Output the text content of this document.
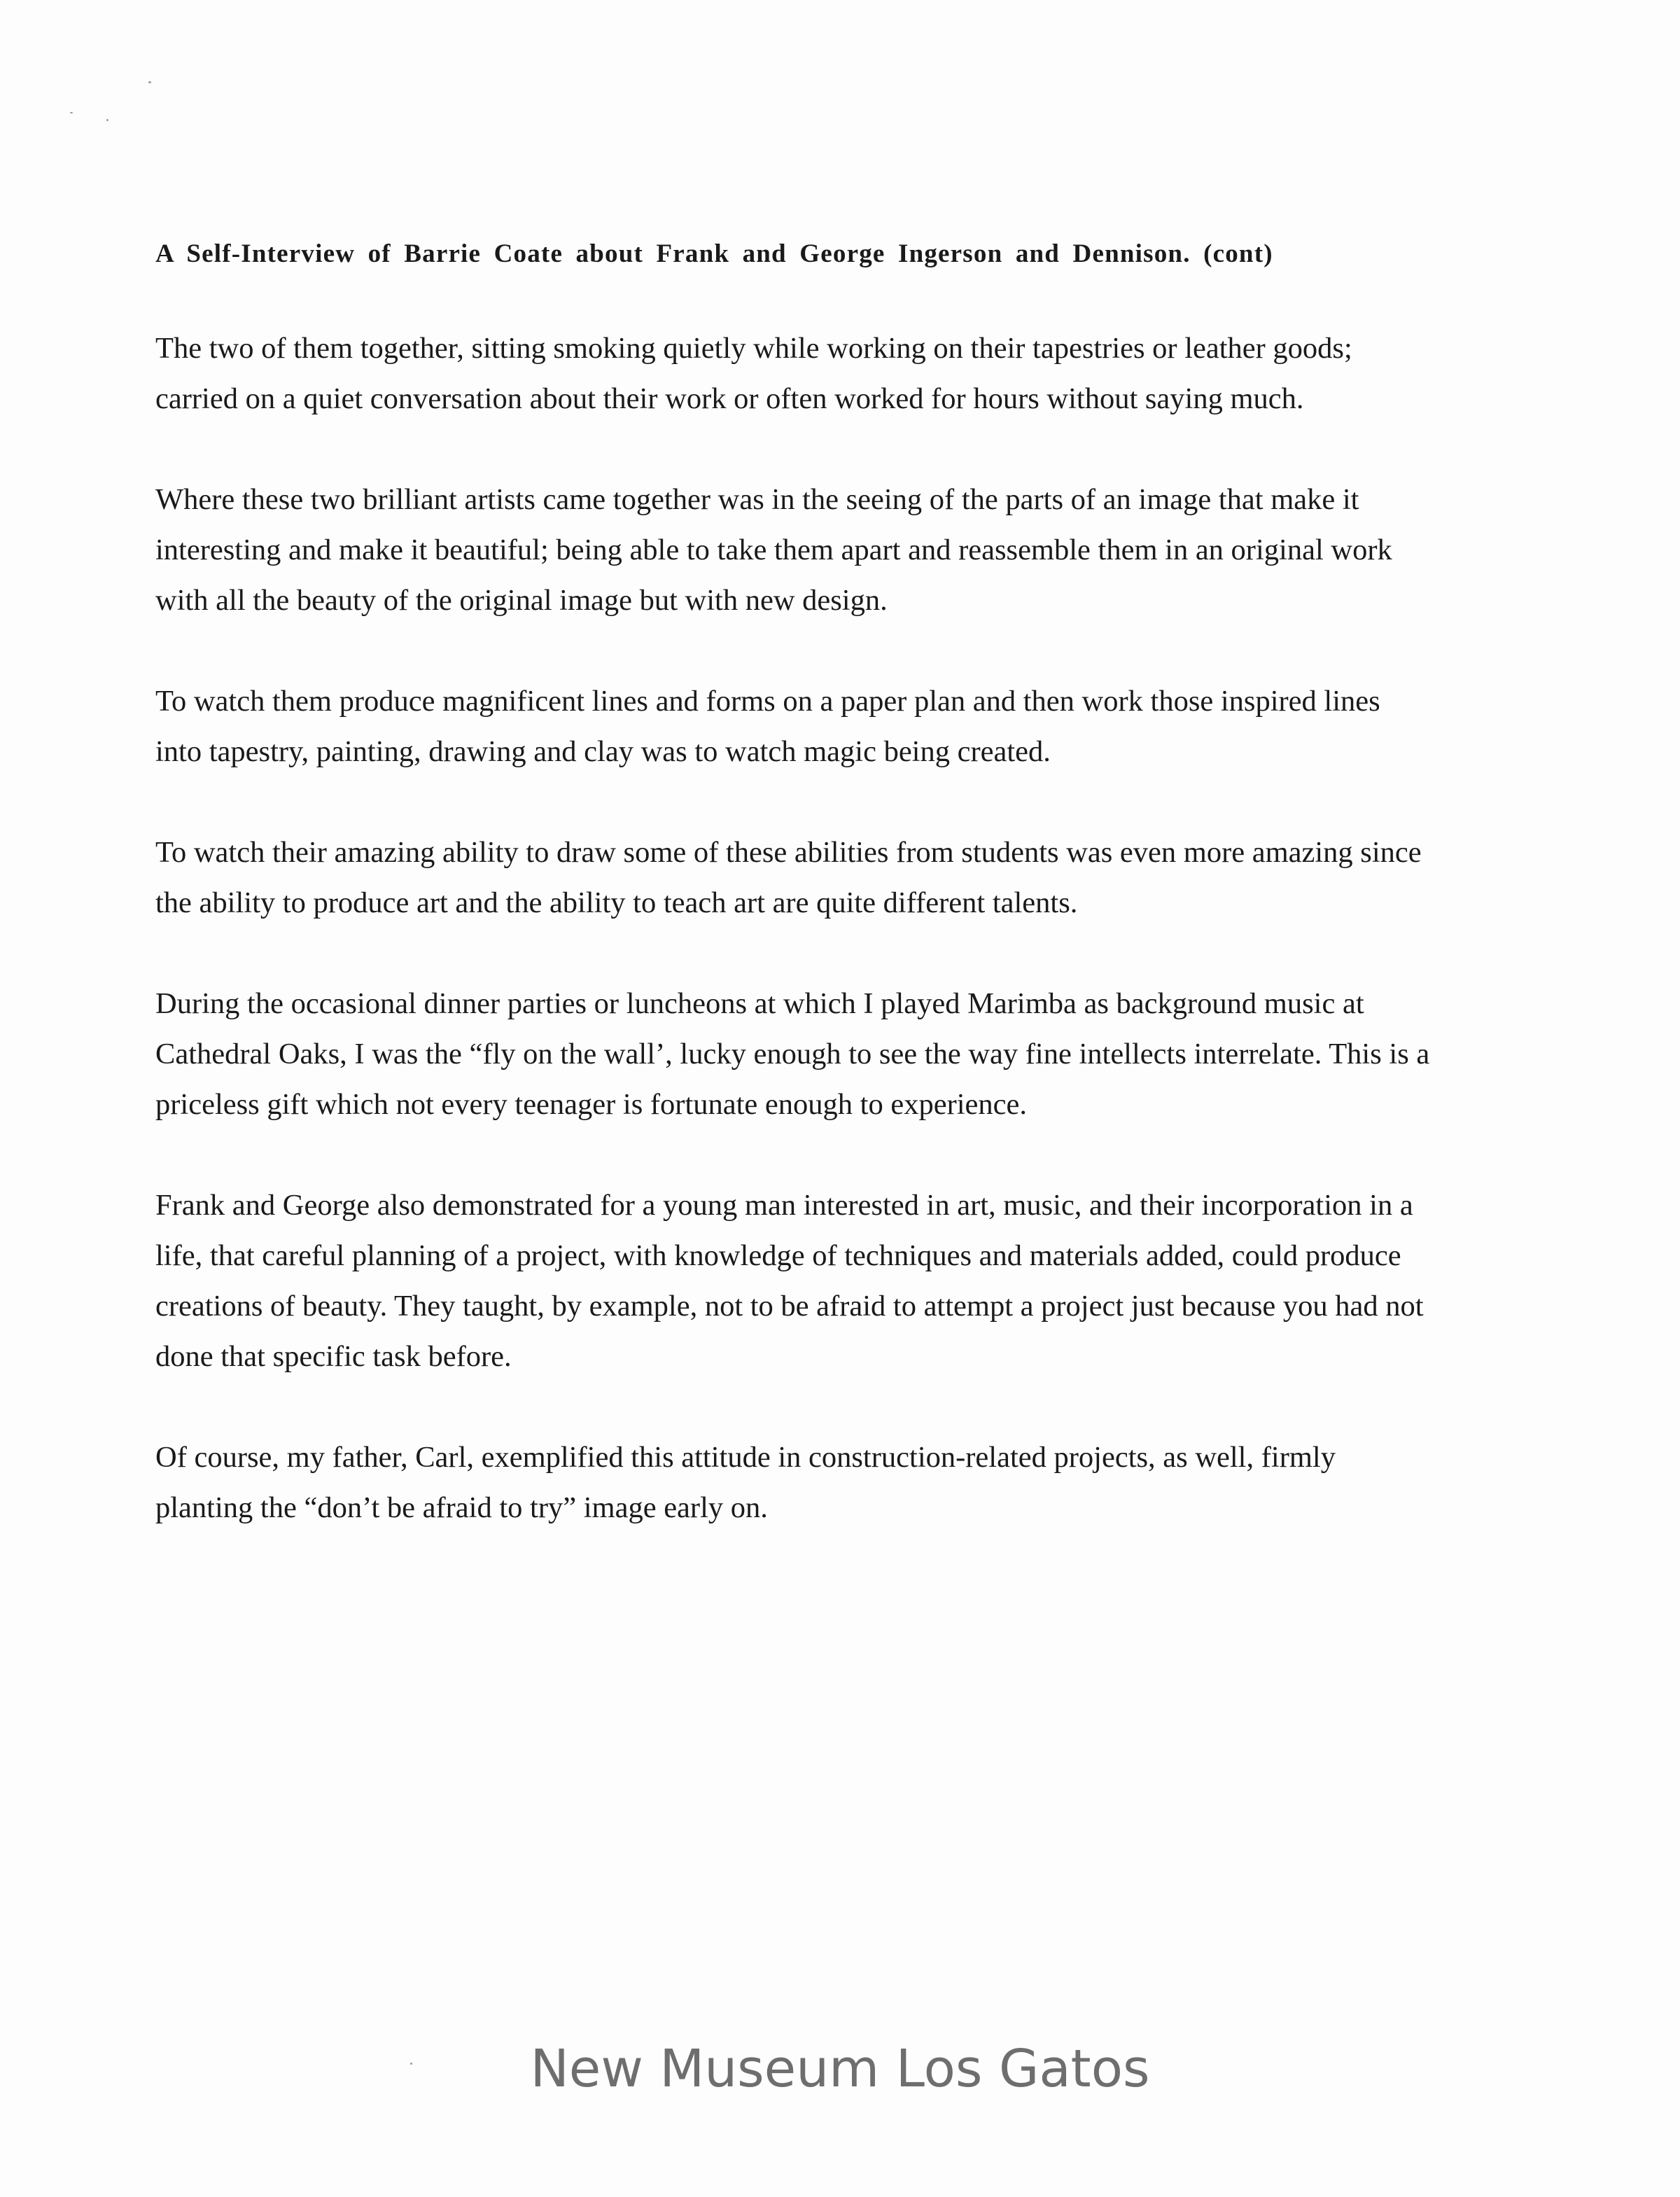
A Self-Interview of Barrie Coate about Frank and George Ingerson and Dennison. (cont)

The two of them together, sitting smoking quietly while working on their tapestries or leather goods;
carried on a quiet conversation about their work or often worked for hours without saying much.

Where these two brilliant artists came together was in the seeing of the parts of an image that make it
interesting and make it beautiful; being able to take them apart and reassemble them in an original work
with all the beauty of the original image but with new design.

To watch them produce magnificent lines and forms on a paper plan and then work those inspired lines
into tapestry, painting, drawing and clay was to watch magic being created.

To watch their amazing ability to draw some of these abilities from students was even more amazing since
the ability to produce art and the ability to teach art are quite different talents.

During the occasional dinner parties or luncheons at which I played Marimba as background music at
Cathedral Oaks, I was the “fly on the wall’, lucky enough to see the way fine intellects interrelate. This is a
priceless gift which not every teenager is fortunate enough to experience.

Frank and George also demonstrated for a young man interested in art, music, and their incorporation in a
life, that careful planning of a project, with knowledge of techniques and materials added, could produce
creations of beauty. They taught, by example, not to be afraid to attempt a project just because you had not
done that specific task before.

Of course, my father, Carl, exemplified this attitude in construction-related projects, as well, firmly
planting the “don’t be afraid to try” image early on.

New Museum Los Gatos
